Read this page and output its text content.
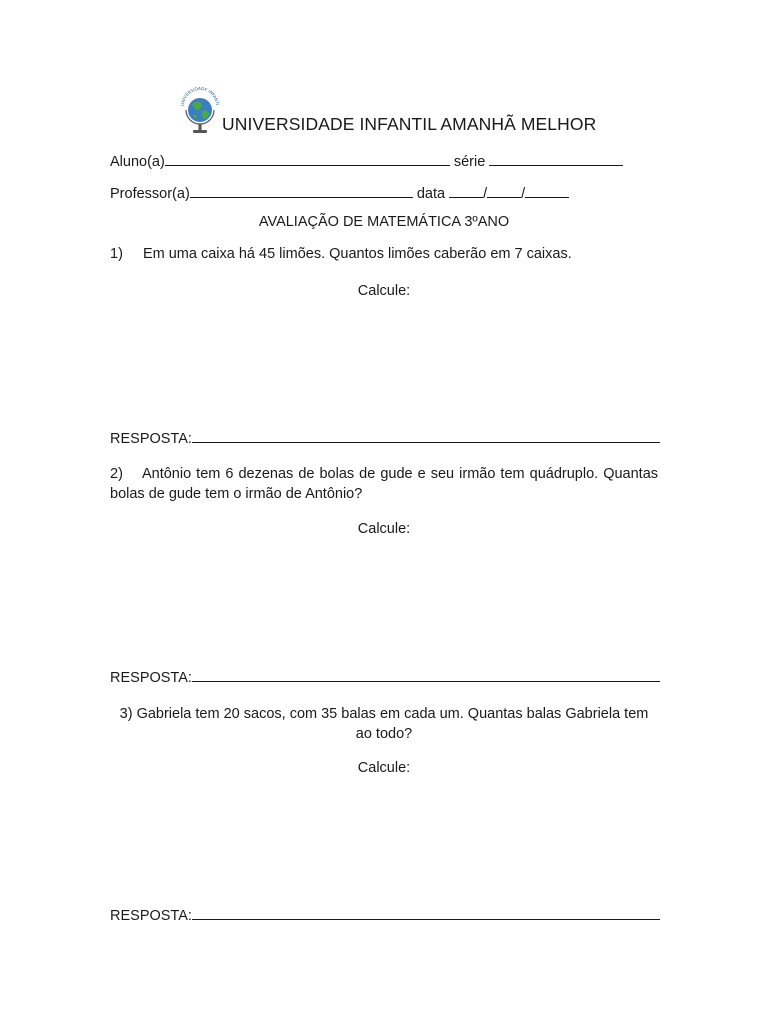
UNIVERSIDADE INFANTI
UNIVERSIDADE INFANTIL AMANHÃ MELHOR
Aluno(a)	série
Professor(a)	data	/ /
AVALIAÇÃO DE MATEMÁTICA 3ºANO
1) Em uma caixa há 45 limões. Quantos limões caberão em 7 caixas.
Calcule:
RESPOSTA:
2) Antônio tem 6 dezenas de bolas de gude e seu irmão tem quádruplo. Quantas bolas de gude tem o irmão de Antônio?
Calcule:
RESPOSTA:
3) Gabriela tem 20 sacos, com 35 balas em cada um. Quantas balas Gabriela tem ao todo?
Calcule:
RESPOSTA:
